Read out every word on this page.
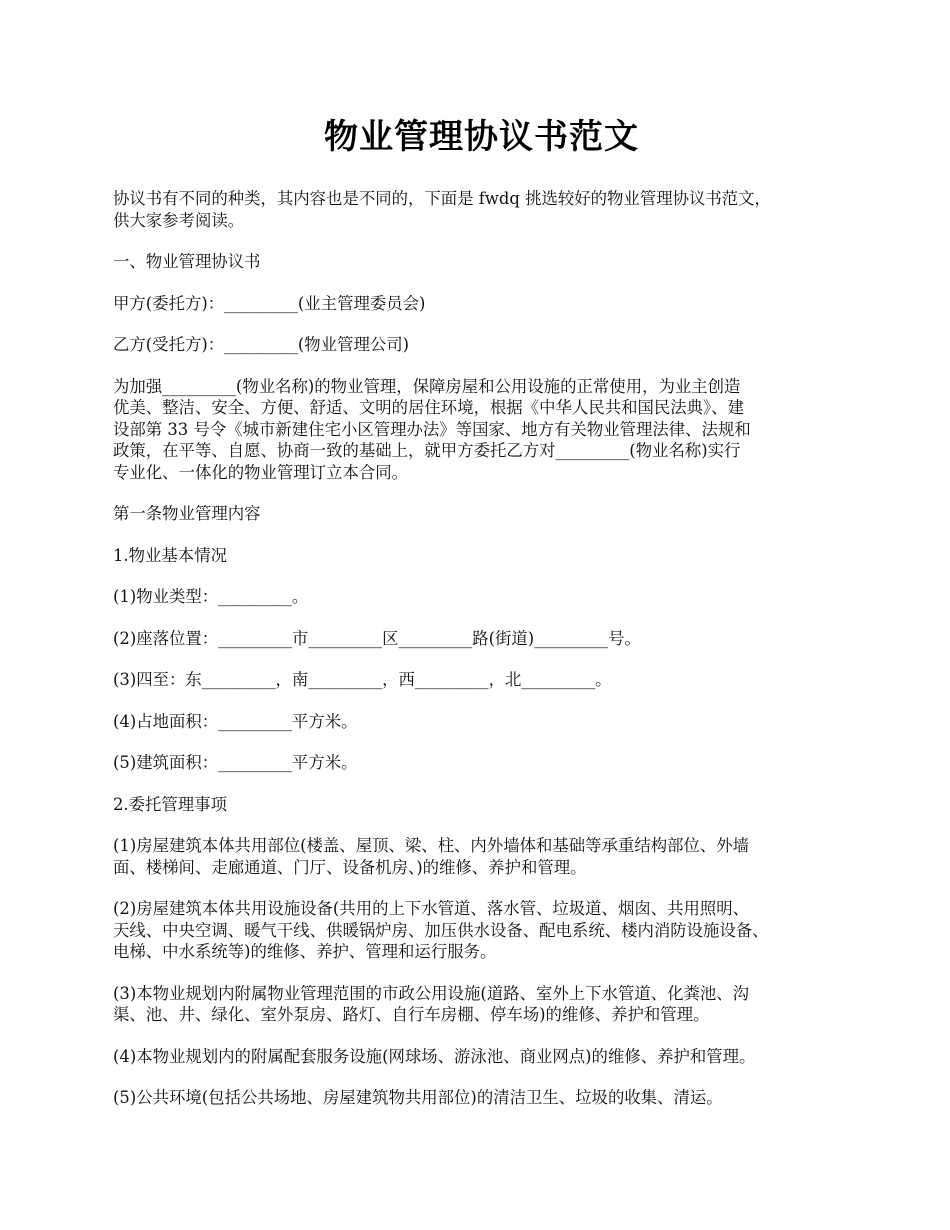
物业管理协议书范文

协议书有不同的种类，其内容也是不同的，下面是 fwdq 挑选较好的物业管理协议书范文，
供大家参考阅读。

一、物业管理协议书

甲方(委托方)：_________(业主管理委员会)

乙方(受托方)：_________(物业管理公司)

为加强_________(物业名称)的物业管理，保障房屋和公用设施的正常使用，为业主创造
优美、整洁、安全、方便、舒适、文明的居住环境，根据《中华人民共和国民法典》、建
设部第 33 号令《城市新建住宅小区管理办法》等国家、地方有关物业管理法律、法规和
政策，在平等、自愿、协商一致的基础上，就甲方委托乙方对_________(物业名称)实行
专业化、一体化的物业管理订立本合同。

第一条物业管理内容

1.物业基本情况

(1)物业类型：_________。

(2)座落位置：_________市_________区_________路(街道)_________号。

(3)四至：东_________，南_________，西_________，北_________。

(4)占地面积：_________平方米。

(5)建筑面积：_________平方米。

2.委托管理事项

(1)房屋建筑本体共用部位(楼盖、屋顶、梁、柱、内外墙体和基础等承重结构部位、外墙
面、楼梯间、走廊通道、门厅、设备机房、)的维修、养护和管理。

(2)房屋建筑本体共用设施设备(共用的上下水管道、落水管、垃圾道、烟囱、共用照明、
天线、中央空调、暖气干线、供暖锅炉房、加压供水设备、配电系统、楼内消防设施设备、
电梯、中水系统等)的维修、养护、管理和运行服务。

(3)本物业规划内附属物业管理范围的市政公用设施(道路、室外上下水管道、化粪池、沟
渠、池、井、绿化、室外泵房、路灯、自行车房棚、停车场)的维修、养护和管理。

(4)本物业规划内的附属配套服务设施(网球场、游泳池、商业网点)的维修、养护和管理。

(5)公共环境(包括公共场地、房屋建筑物共用部位)的清洁卫生、垃圾的收集、清运。
